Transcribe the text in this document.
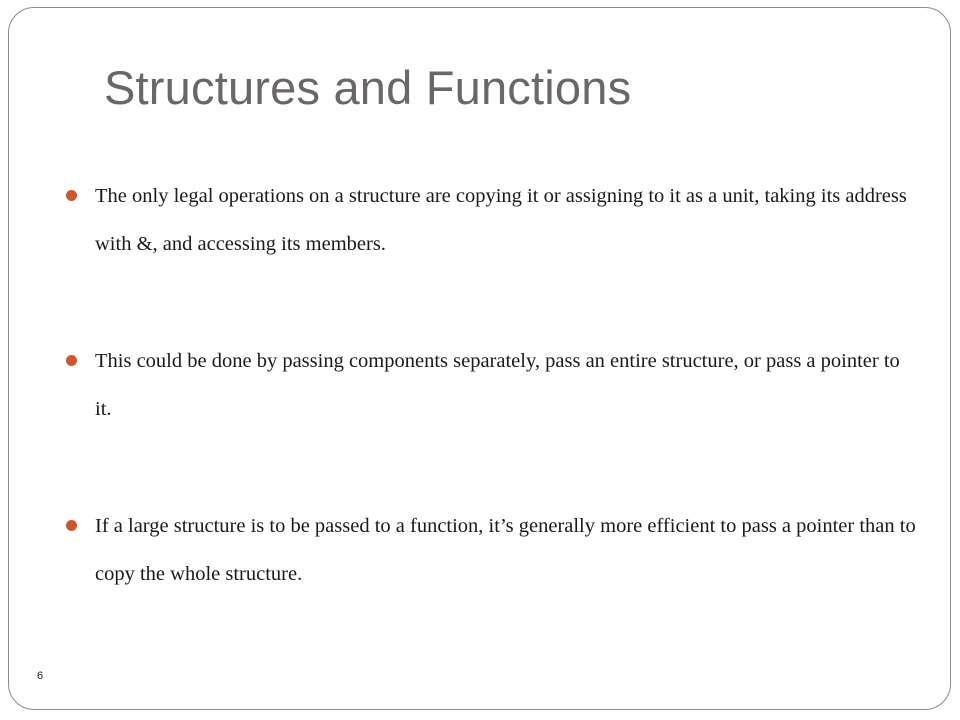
Structures and Functions
The only legal operations on a structure are copying it or assigning to it as a unit, taking its address with &, and accessing its members.
This could be done by passing components separately, pass an entire structure, or pass a pointer to it.
If a large structure is to be passed to a function, it’s generally more efficient to pass a pointer than to copy the whole structure.
6
